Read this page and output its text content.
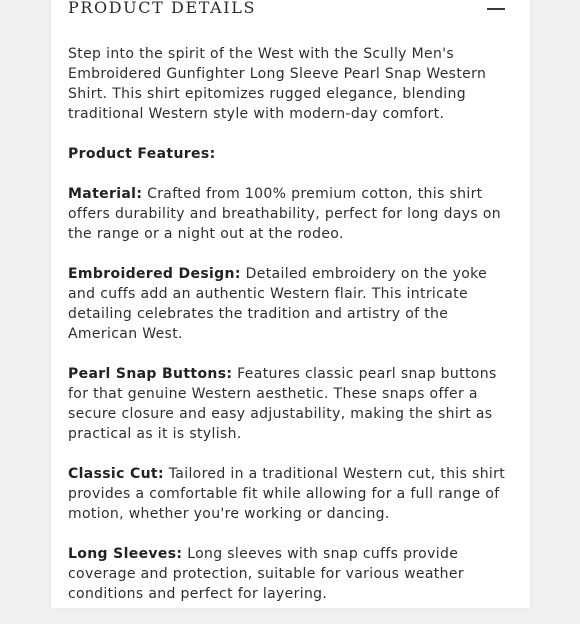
PRODUCT DETAILS

Step into the spirit of the West with the Scully Men's Embroidered Gunfighter Long Sleeve Pearl Snap Western Shirt. This shirt epitomizes rugged elegance, blending traditional Western style with modern-day comfort.

Product Features:

Material: Crafted from 100% premium cotton, this shirt offers durability and breathability, perfect for long days on the range or a night out at the rodeo.

Embroidered Design: Detailed embroidery on the yoke and cuffs add an authentic Western flair. This intricate detailing celebrates the tradition and artistry of the American West.

Pearl Snap Buttons: Features classic pearl snap buttons for that genuine Western aesthetic. These snaps offer a secure closure and easy adjustability, making the shirt as practical as it is stylish.

Classic Cut: Tailored in a traditional Western cut, this shirt provides a comfortable fit while allowing for a full range of motion, whether you're working or dancing.

Long Sleeves: Long sleeves with snap cuffs provide coverage and protection, suitable for various weather conditions and perfect for layering.
